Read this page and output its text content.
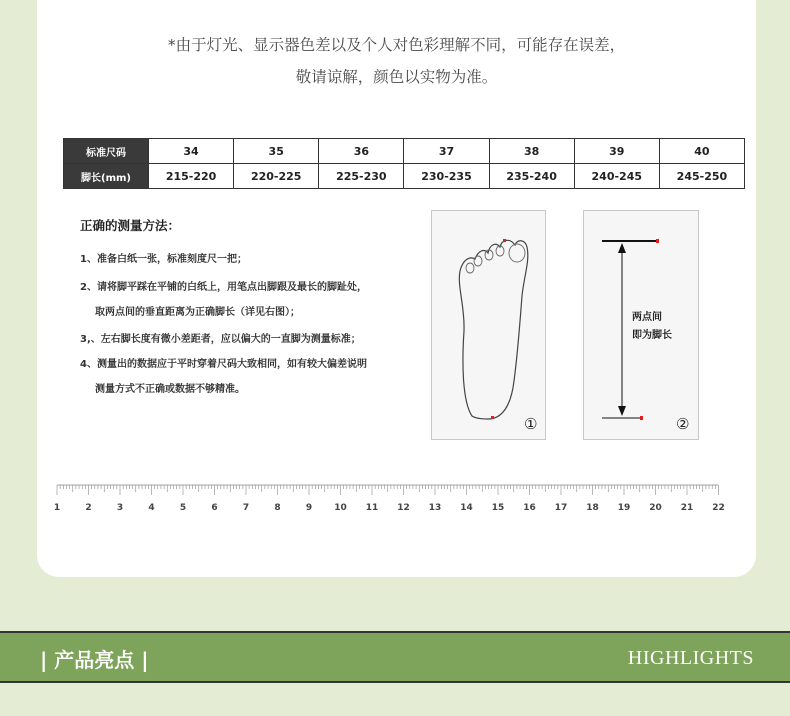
*由于灯光、显示器色差以及个人对色彩理解不同，可能存在误差，
敬请谅解，颜色以实物为准。
标准尺码	34	35	36	37	38	39	40
脚长(mm)	215-220	220-225	225-230	230-235	235-240	240-245	245-250
正确的测量方法：
1、准备白纸一张，标准刻度尺一把；
2、请将脚平踩在平铺的白纸上，用笔点出脚跟及最长的脚趾处，
取两点间的垂直距离为正确脚长（详见右图）；
3,、左右脚长度有微小差距者，应以偏大的一直脚为测量标准；
4、测量出的数据应于平时穿着尺码大致相同，如有较大偏差说明
测量方式不正确或数据不够精准。
①
两点间
即为脚长
②
1	2	3	4	5	6	7	8	9 10 11 12 13 14 15 16 17 18 19 20 21 22
| 产品亮点 |	HIGHLIGHTS
